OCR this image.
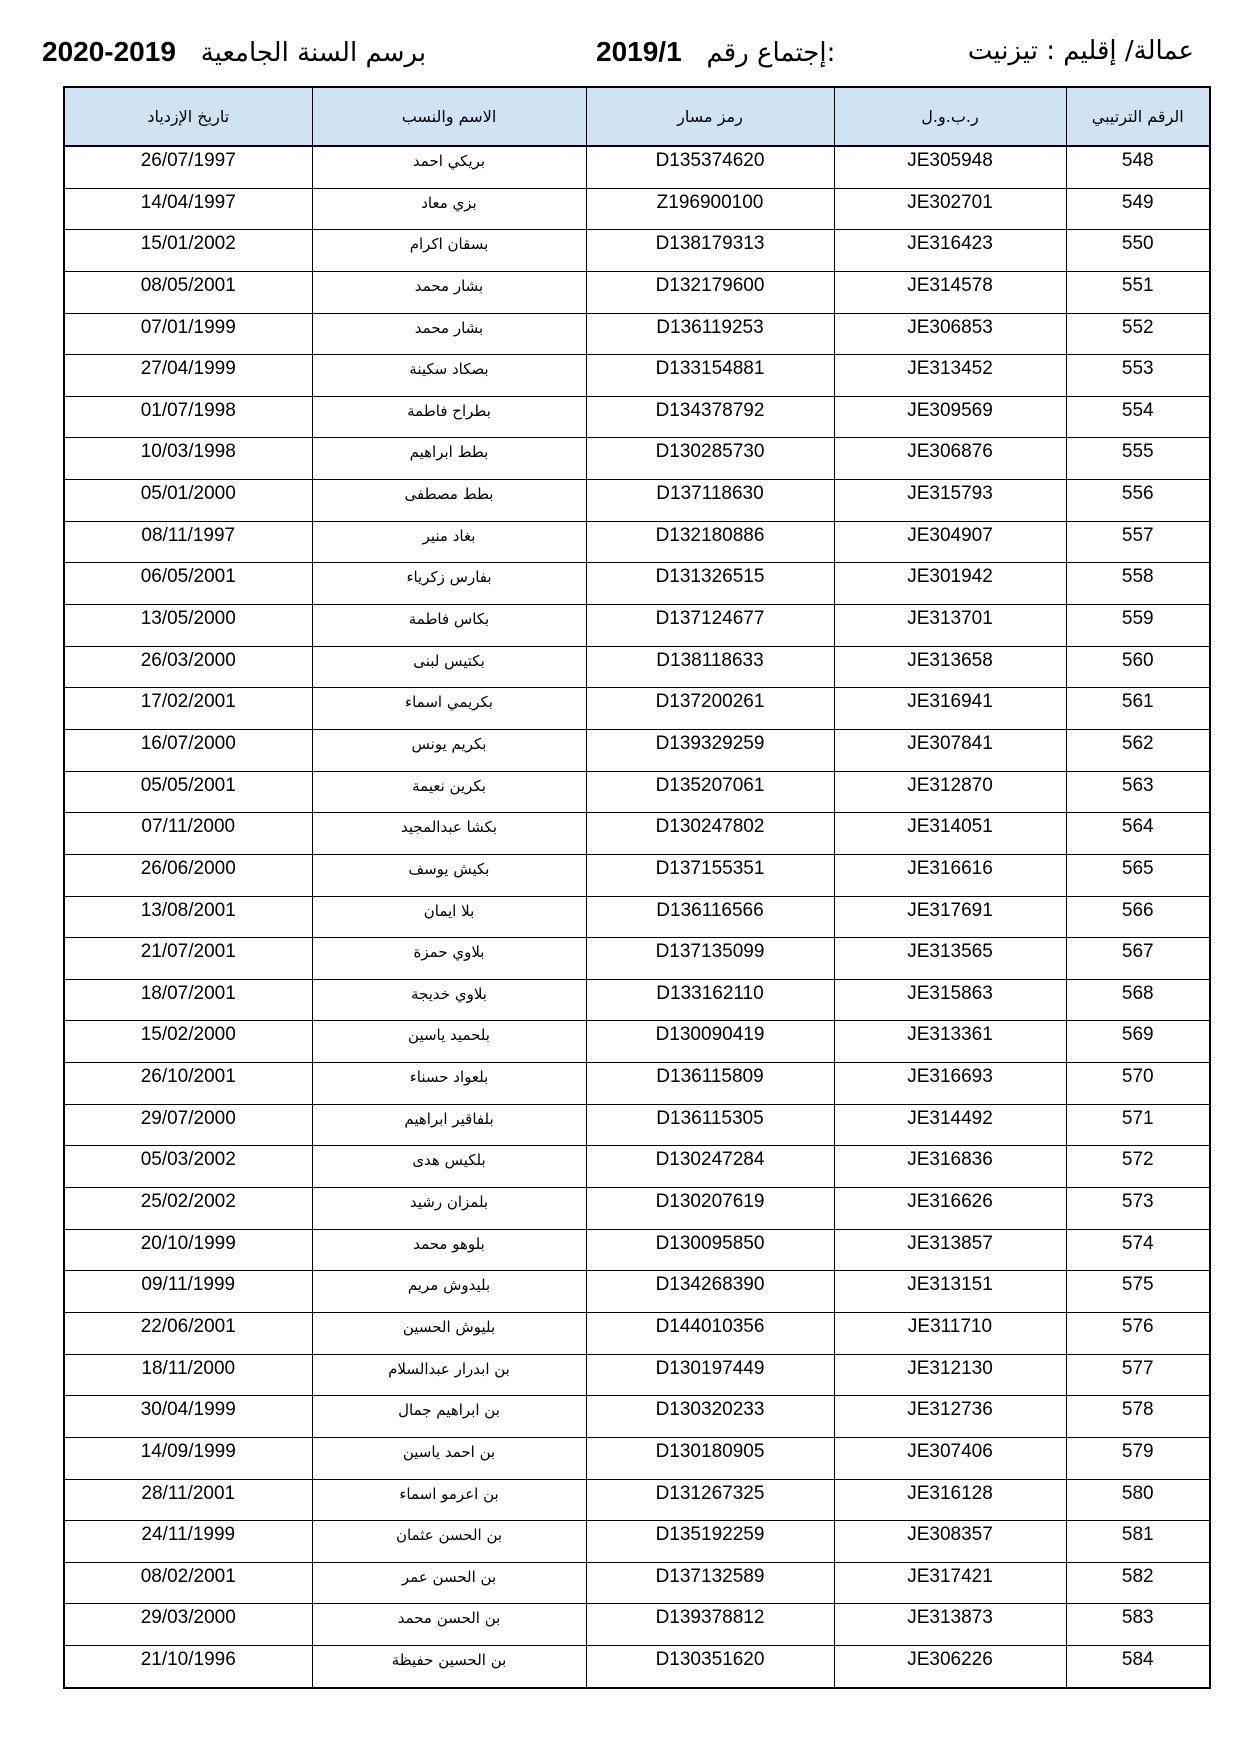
2020-2019 برسم السنة الجامعية	2019/1 إجتماع رقم:	عمالة/ إقليم : تيزنيت
الرقم الترتيبي	ر.ب.و.ل	رمز مسار	الاسم والنسب	تاريخ الإزدياد
548	JE305948	D135374620	بريكي احمد	26/07/1997
549	JE302701	Z196900100	بزي معاد	14/04/1997
550	JE316423	D138179313	بسقان اكرام	15/01/2002
551	JE314578	D132179600	بشار محمد	08/05/2001
552	JE306853	D136119253	بشار محمد	07/01/1999
553	JE313452	D133154881	بصكاد سكينة	27/04/1999
554	JE309569	D134378792	بطراح فاطمة	01/07/1998
555	JE306876	D130285730	بطط ابراهيم	10/03/1998
556	JE315793	D137118630	بطط مصطفى	05/01/2000
557	JE304907	D132180886	بغاد منير	08/11/1997
558	JE301942	D131326515	بفارس زكرياء	06/05/2001
559	JE313701	D137124677	بكاس فاطمة	13/05/2000
560	JE313658	D138118633	بكتيس لبنى	26/03/2000
561	JE316941	D137200261	بكريمي اسماء	17/02/2001
562	JE307841	D139329259	بكريم يونس	16/07/2000
563	JE312870	D135207061	بكرين نعيمة	05/05/2001
564	JE314051	D130247802	بكشا عبدالمجيد	07/11/2000
565	JE316616	D137155351	بكيش يوسف	26/06/2000
566	JE317691	D136116566	بلا ايمان	13/08/2001
567	JE313565	D137135099	بلاوي حمزة	21/07/2001
568	JE315863	D133162110	بلاوي خديجة	18/07/2001
569	JE313361	D130090419	بلحميد ياسين	15/02/2000
570	JE316693	D136115809	بلعواد حسناء	26/10/2001
571	JE314492	D136115305	بلفاقير ابراهيم	29/07/2000
572	JE316836	D130247284	بلكيس هدى	05/03/2002
573	JE316626	D130207619	بلمزان رشيد	25/02/2002
574	JE313857	D130095850	بلوهو محمد	20/10/1999
575	JE313151	D134268390	بليدوش مريم	09/11/1999
576	JE311710	D144010356	بليوش الحسين	22/06/2001
577	JE312130	D130197449	بن ابدرار عبدالسلام	18/11/2000
578	JE312736	D130320233	بن ابراهيم جمال	30/04/1999
579	JE307406	D130180905	بن احمد ياسين	14/09/1999
580	JE316128	D131267325	بن اعرمو اسماء	28/11/2001
581	JE308357	D135192259	بن الحسن عثمان	24/11/1999
582	JE317421	D137132589	بن الحسن عمر	08/02/2001
583	JE313873	D139378812	بن الحسن محمد	29/03/2000
584	JE306226	D130351620	بن الحسين حفيظة	21/10/1996
